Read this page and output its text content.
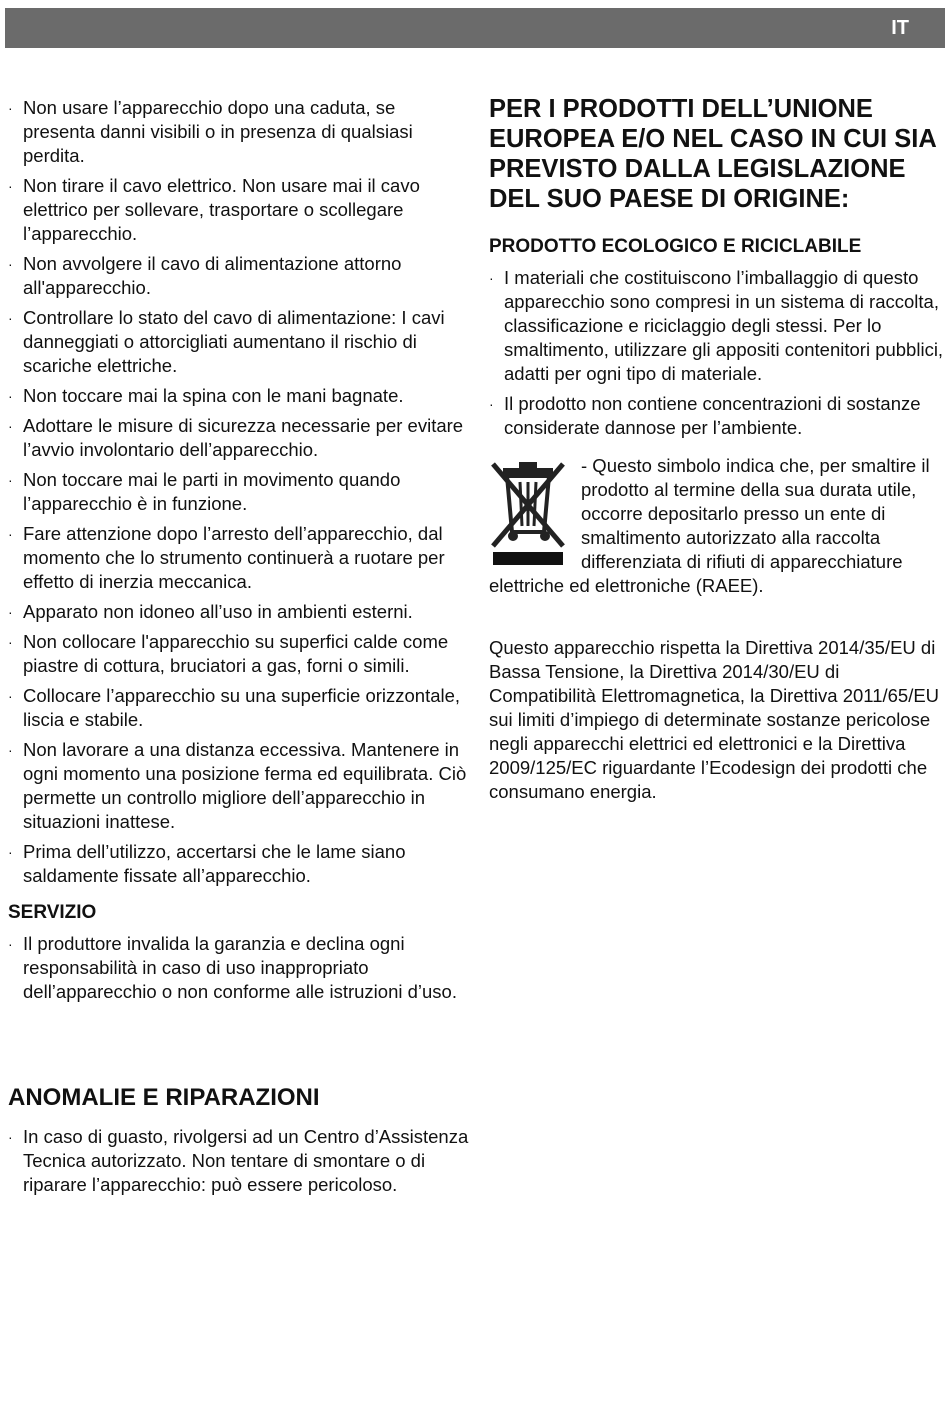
IT
· Non usare l’apparecchio dopo una caduta, se presenta danni visibili o in presenza di qualsiasi perdita.
· Non tirare il cavo elettrico. Non usare mai il cavo elettrico per sollevare, trasportare o scollegare l’apparecchio.
· Non avvolgere il cavo di alimentazione attorno all'apparecchio.
· Controllare lo stato del cavo di alimentazione: I cavi danneggiati o attorcigliati aumentano il rischio di scariche elettriche.
· Non toccare mai la spina con le mani bagnate.
· Adottare le misure di sicurezza necessarie per evitare l’avvio involontario dell’apparecchio.
· Non toccare mai le parti in movimento quando l’apparecchio è in funzione.
· Fare attenzione dopo l’arresto dell’apparecchio, dal momento che lo strumento continuerà a ruotare per effetto di inerzia meccanica.
· Apparato non idoneo all’uso in ambienti esterni.
· Non collocare l'apparecchio su superfici calde come piastre di cottura, bruciatori a gas, forni o simili.
· Collocare l’apparecchio su una superficie orizzontale, liscia e stabile.
· Non lavorare a una distanza eccessiva. Mantenere in ogni momento una posizione ferma ed equilibrata. Ciò permette un controllo migliore dell’apparecchio in situazioni inattese.
· Prima dell’utilizzo, accertarsi che le lame siano saldamente fissate all’apparecchio.
SERVIZIO
· Il produttore invalida la garanzia e declina ogni responsabilità in caso di uso inappropriato dell’apparecchio o non conforme alle istruzioni d’uso.
ANOMALIE E RIPARAZIONI
· In caso di guasto, rivolgersi ad un Centro d’Assistenza Tecnica autorizzato. Non tentare di smontare o di riparare l’apparecchio: può essere pericoloso.
PER I PRODOTTI DELL’UNIONE EUROPEA E/O NEL CASO IN CUI SIA PREVISTO DALLA LEGISLAZIONE DEL SUO PAESE DI ORIGINE:
PRODOTTO ECOLOGICO E RICICLABILE
· I materiali che costituiscono l’imballaggio di questo apparecchio sono compresi in un sistema di raccolta, classificazione e riciclaggio degli stessi. Per lo smaltimento, utilizzare gli appositi contenitori pubblici, adatti per ogni tipo di materiale.
· Il prodotto non contiene concentrazioni di sostanze considerate dannose per l’ambiente.
- Questo simbolo indica che, per smaltire il prodotto al termine della sua durata utile, occorre depositarlo presso un ente di smaltimento autorizzato alla raccolta differenziata di rifiuti di apparecchiature elettriche ed elettroniche (RAEE).
Questo apparecchio rispetta la Direttiva 2014/35/EU di Bassa Tensione, la Direttiva 2014/30/EU di Compatibilità Elettromagnetica, la Direttiva 2011/65/EU sui limiti d’impiego di determinate sostanze pericolose negli apparecchi elettrici ed elettronici e la Direttiva 2009/125/EC riguardante l’Ecodesign dei prodotti che consumano energia.
